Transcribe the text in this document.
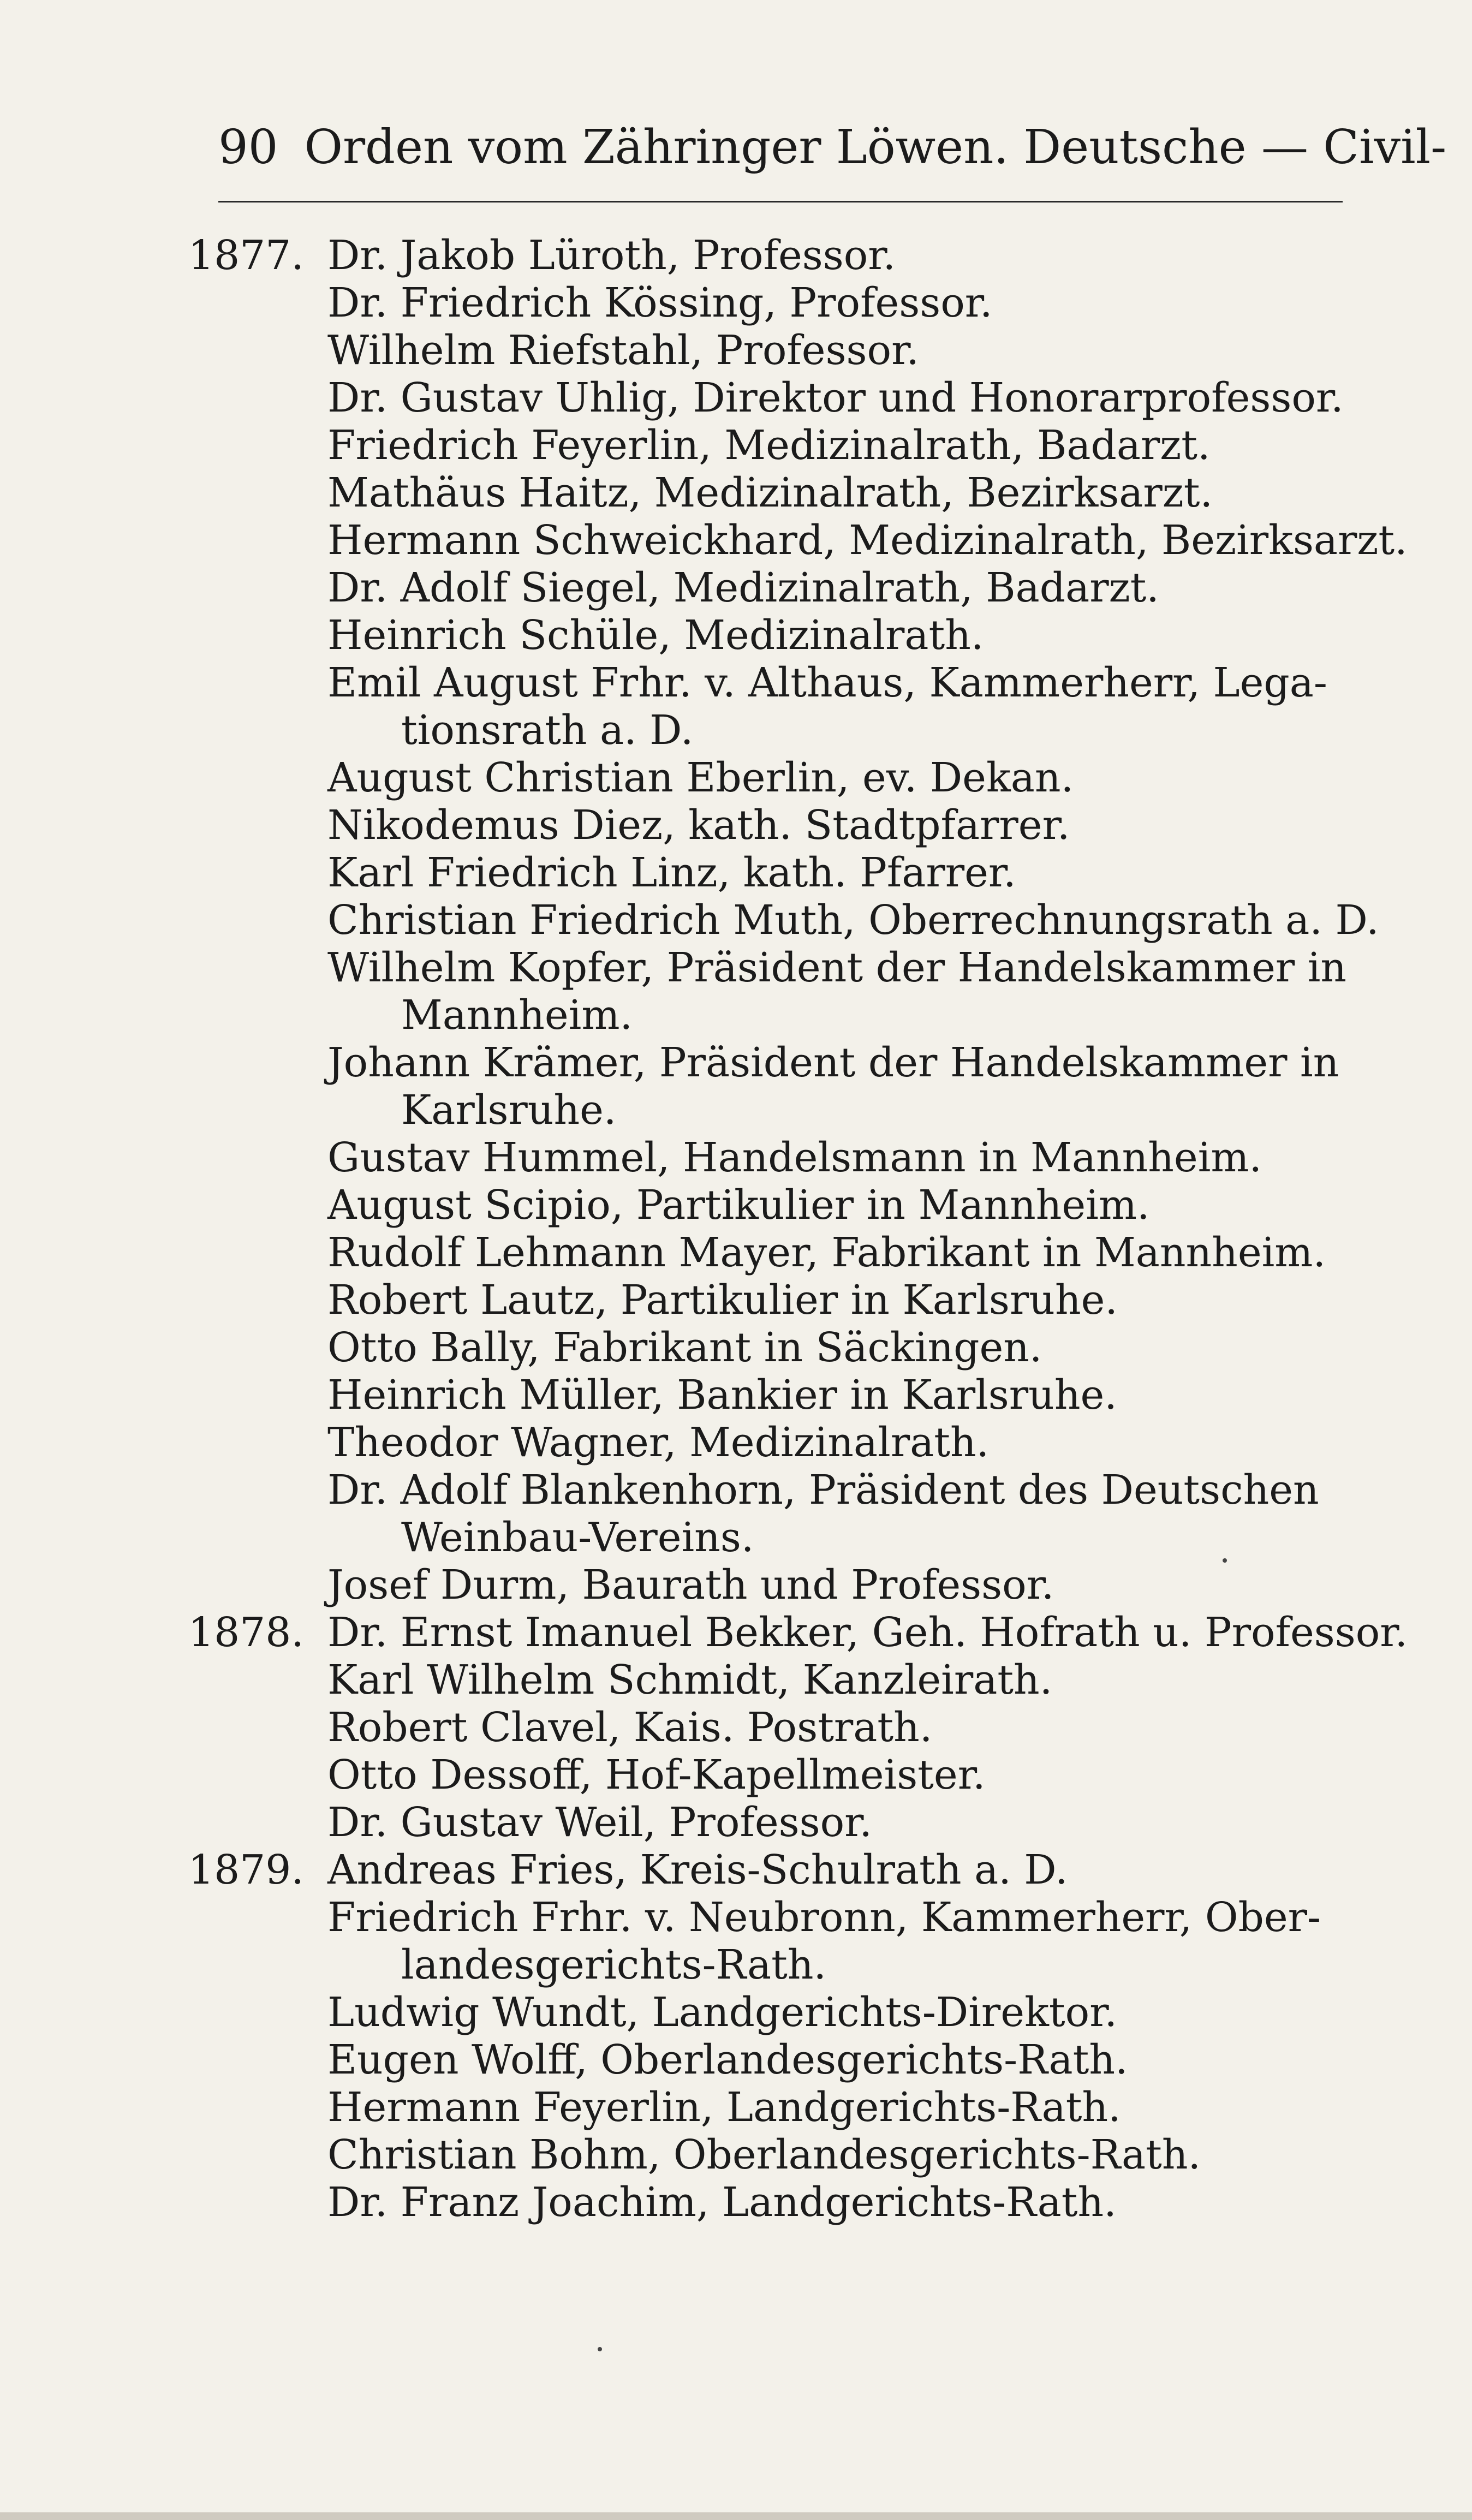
90 Orden vom Zähringer Löwen. Deutsche — Civil-
1877. Dr. Jakob Lüroth, Professor.
Dr. Friedrich Kössing, Professor.
Wilhelm Riefstahl, Professor.
Dr. Gustav Uhlig, Direktor und Honorarprofessor.
Friedrich Feyerlin, Medizinalrath, Badarzt.
Mathäus Haitz, Medizinalrath, Bezirksarzt.
Hermann Schweickhard, Medizinalrath, Bezirksarzt.
Dr. Adolf Siegel, Medizinalrath, Badarzt.
Heinrich Schüle, Medizinalrath.
Emil August Frhr. v. Althaus, Kammerherr, Lega-
tionsrath a. D.
August Christian Eberlin, ev. Dekan.
Nikodemus Diez, kath. Stadtpfarrer.
Karl Friedrich Linz, kath. Pfarrer.
Christian Friedrich Muth, Oberrechnungsrath a. D.
Wilhelm Kopfer, Präsident der Handelskammer in
Mannheim.
Johann Krämer, Präsident der Handelskammer in
Karlsruhe.
Gustav Hummel, Handelsmann in Mannheim.
August Scipio, Partikulier in Mannheim.
Rudolf Lehmann Mayer, Fabrikant in Mannheim.
Robert Lautz, Partikulier in Karlsruhe.
Otto Bally, Fabrikant in Säckingen.
Heinrich Müller, Bankier in Karlsruhe.
Theodor Wagner, Medizinalrath.
Dr. Adolf Blankenhorn, Präsident des Deutschen
Weinbau-Vereins.
Josef Durm, Baurath und Professor.
1878. Dr. Ernst Imanuel Bekker, Geh. Hofrath u. Professor.
Karl Wilhelm Schmidt, Kanzleirath.
Robert Clavel, Kais. Postrath.
Otto Dessoff, Hof-Kapellmeister.
Dr. Gustav Weil, Professor.
1879. Andreas Fries, Kreis-Schulrath a. D.
Friedrich Frhr. v. Neubronn, Kammerherr, Ober-
landesgerichts-Rath.
Ludwig Wundt, Landgerichts-Direktor.
Eugen Wolff, Oberlandesgerichts-Rath.
Hermann Feyerlin, Landgerichts-Rath.
Christian Bohm, Oberlandesgerichts-Rath.
Dr. Franz Joachim, Landgerichts-Rath.
